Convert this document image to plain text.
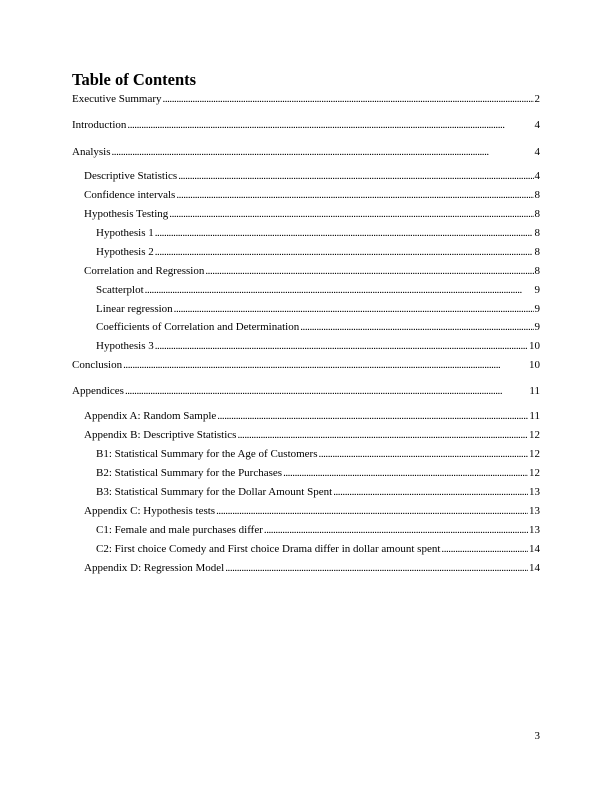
Table of Contents
Executive Summary . . .	2
Introduction . . .	4
Analysis . . .	4
Descriptive Statistics . . .	4
Confidence intervals . . .	8
Hypothesis Testing . . .	8
Hypothesis 1 . . .	8
Hypothesis 2 . . .	8
Correlation and Regression . . .	8
Scatterplot . . .	9
Linear regression . . .	9
Coefficients of Correlation and Determination . . .	9
Hypothesis 3 . . .	10
Conclusion . . .	10
Appendices . . .	11
Appendix A: Random Sample . . .	11
Appendix B: Descriptive Statistics . . .	12
B1: Statistical Summary for the Age of Customers . . .	12
B2: Statistical Summary for the Purchases . . .	12
B3: Statistical Summary for the Dollar Amount Spent . . .	13
Appendix C: Hypothesis tests . . .	13
C1: Female and male purchases differ . . .	13
C2: First choice Comedy and First choice Drama differ in dollar amount spent . . .	14
Appendix D: Regression Model . . .	14
3
